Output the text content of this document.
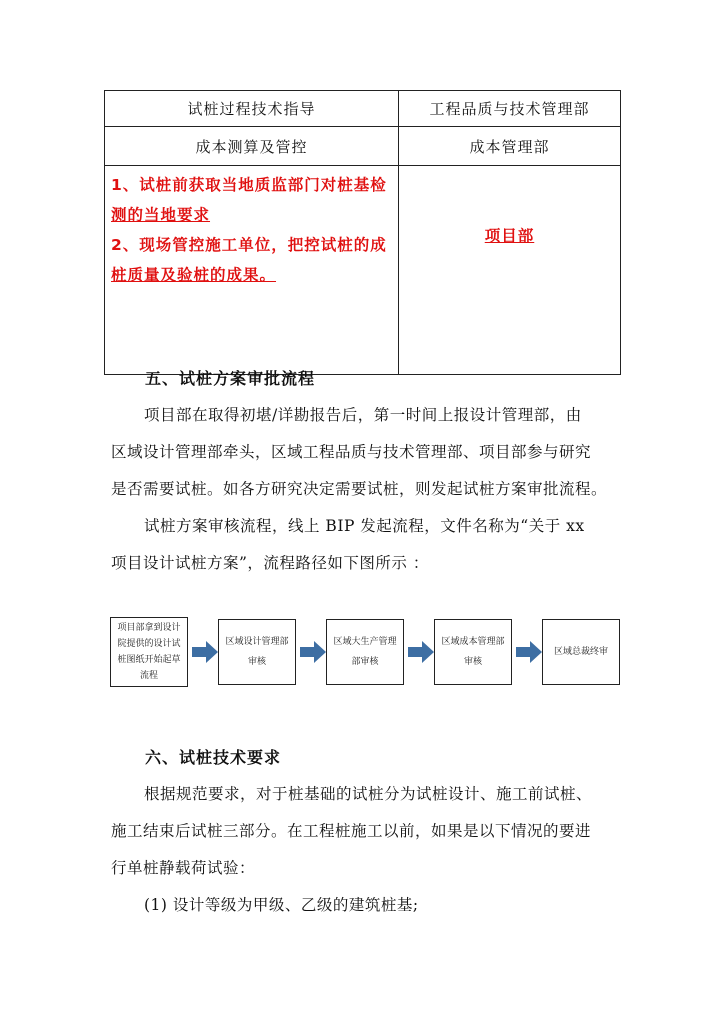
试桩过程技术指导	工程品质与技术管理部
成本测算及管控	成本管理部

1、试桩前获取当地质监部门对桩基检
测的当地要求
2、现场管控施工单位，把控试桩的成
桩质量及验桩的成果。	项目部
五、试桩方案审批流程
项目部在取得初堪/详勘报告后，第一时间上报设计管理部，由
区域设计管理部牵头，区域工程品质与技术管理部、项目部参与研究
是否需要试桩。如各方研究决定需要试桩，则发起试桩方案审批流程。
试桩方案审核流程，线上 BIP 发起流程，文件名称为“关于 xx
项目设计试桩方案”，流程路径如下图所示 ：
项目部拿到设计院提供的设计试桩图纸开始起草流程
区域设计管理部审核
区域大生产管理部审核
区域成本管理部审核
区域总裁终审
六、试桩技术要求
根据规范要求，对于桩基础的试桩分为试桩设计、施工前试桩、
施工结束后试桩三部分。在工程桩施工以前，如果是以下情况的要进
行单桩静载荷试验：
(1) 设计等级为甲级、乙级的建筑桩基;
